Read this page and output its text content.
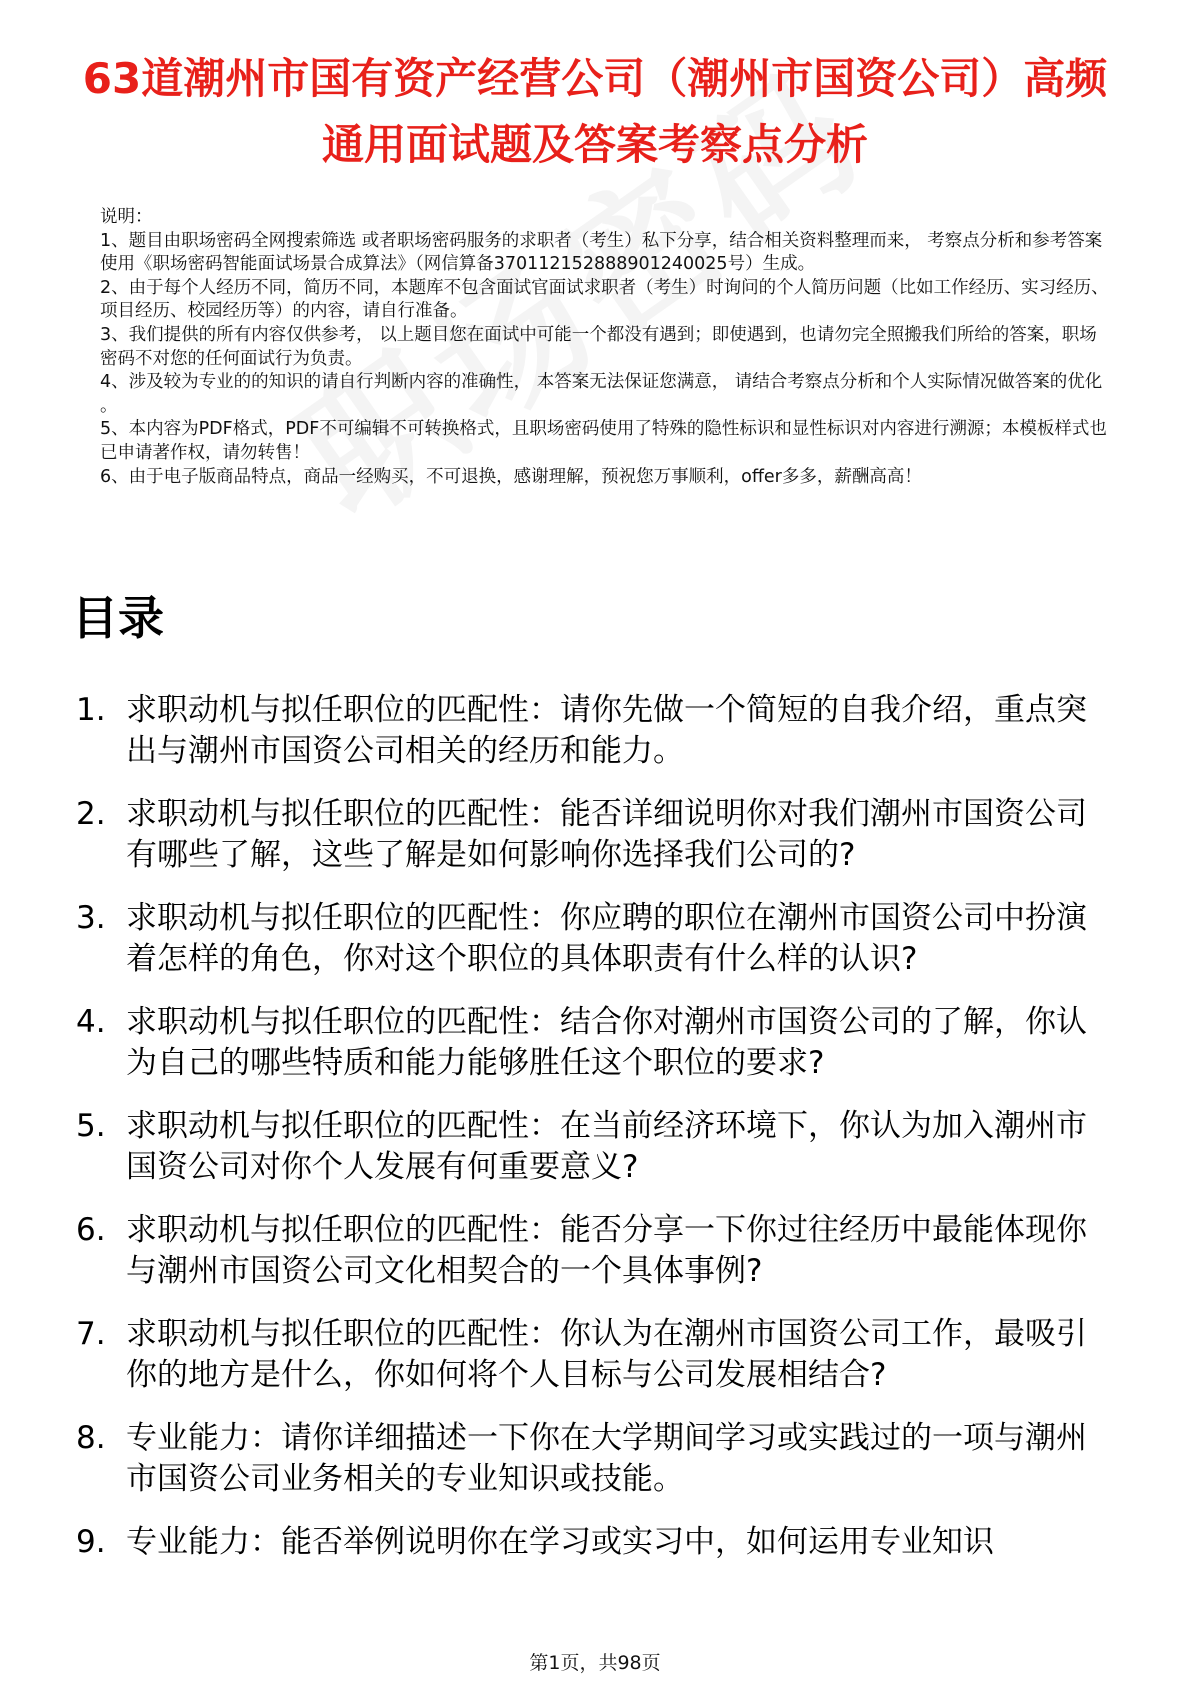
63道潮州市国有资产经营公司（潮州市国资公司）高频通用面试题及答案考察点分析

说明：

1、题目由职场密码全网搜索筛选 或者职场密码服务的求职者（考生）私下分享，结合相关资料整理而来， 考察点分析和参考答案使用《职场密码智能面试场景合成算法》（网信算备370112152888901240025号）生成。

2、由于每个人经历不同，简历不同，本题库不包含面试官面试求职者（考生）时询问的个人简历问题（比如工作经历、实习经历、项目经历、校园经历等）的内容，请自行准备。

3、我们提供的所有内容仅供参考， 以上题目您在面试中可能一个都没有遇到；即使遇到，也请勿完全照搬我们所给的答案，职场密码不对您的任何面试行为负责。

4、涉及较为专业的的知识的请自行判断内容的准确性， 本答案无法保证您满意， 请结合考察点分析和个人实际情况做答案的优化 。

5、本内容为PDF格式，PDF不可编辑不可转换格式，且职场密码使用了特殊的隐性标识和显性标识对内容进行溯源；本模板样式也已申请著作权，请勿转售！

6、由于电子版商品特点，商品一经购买，不可退换，感谢理解，预祝您万事顺利，offer多多，薪酬高高！

目录
1. 求职动机与拟任职位的匹配性：请你先做一个简短的自我介绍，重点突出与潮州市国资公司相关的经历和能力。
2. 求职动机与拟任职位的匹配性：能否详细说明你对我们潮州市国资公司有哪些了解，这些了解是如何影响你选择我们公司的?
3. 求职动机与拟任职位的匹配性：你应聘的职位在潮州市国资公司中扮演着怎样的角色，你对这个职位的具体职责有什么样的认识?
4. 求职动机与拟任职位的匹配性：结合你对潮州市国资公司的了解，你认为自己的哪些特质和能力能够胜任这个职位的要求?
5. 求职动机与拟任职位的匹配性：在当前经济环境下，你认为加入潮州市国资公司对你个人发展有何重要意义?
6. 求职动机与拟任职位的匹配性：能否分享一下你过往经历中最能体现你与潮州市国资公司文化相契合的一个具体事例?
7. 求职动机与拟任职位的匹配性：你认为在潮州市国资公司工作，最吸引你的地方是什么，你如何将个人目标与公司发展相结合?
8. 专业能力：请你详细描述一下你在大学期间学习或实践过的一项与潮州市国资公司业务相关的专业知识或技能。
9. 专业能力：能否举例说明你在学习或实习中，如何运用专业知识
第1页，共98页
